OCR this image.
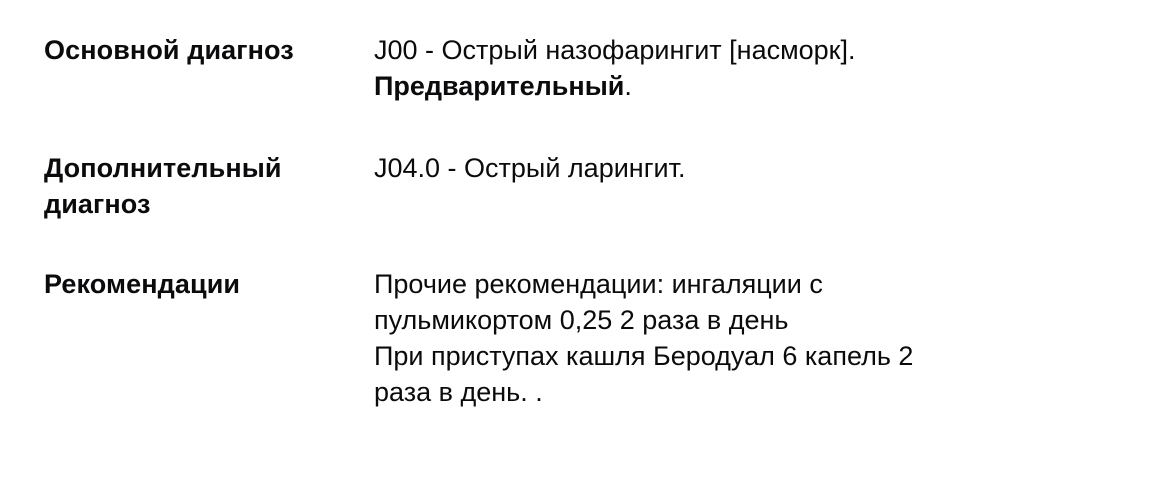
Основной диагноз	J00 - Острый назофарингит [насморк].
Предварительный.
Дополнительный диагноз
J04.0 - Острый ларингит.
Рекомендации	Прочие рекомендации: ингаляции с
пульмикортом 0,25 2 раза в день
При приступах кашля Беродуал 6 капель 2
раза в день. .
